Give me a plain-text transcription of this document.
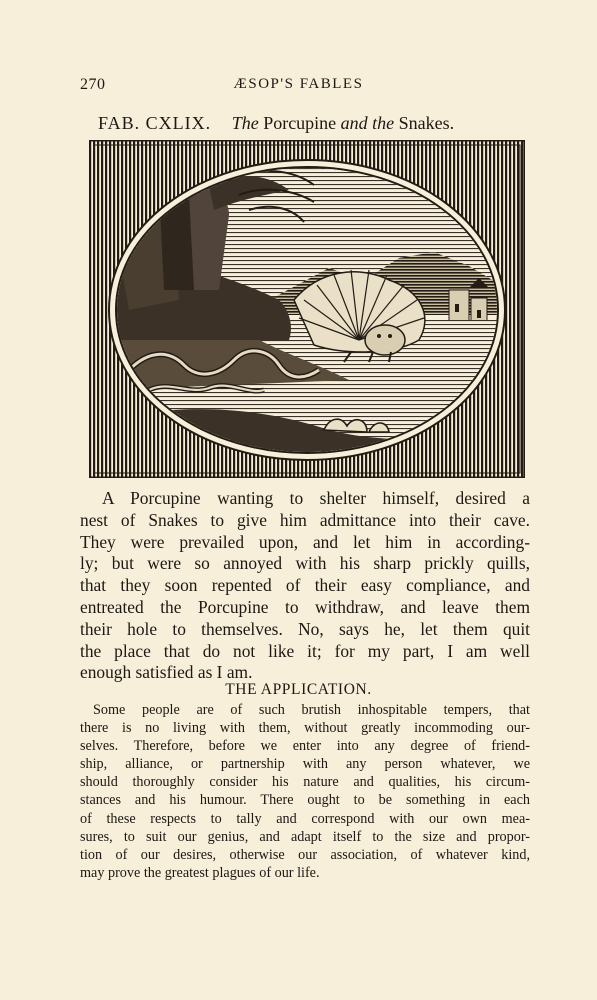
270	ÆSOP'S FABLES
FAB. CXLIX. The Porcupine and the Snakes.
A Porcupine wanting to shelter himself, desired a
nest of Snakes to give him admittance into their cave.
They were prevailed upon, and let him in according-
ly; but were so annoyed with his sharp prickly quills,
that they soon repented of their easy compliance, and
entreated the Porcupine to withdraw, and leave them
their hole to themselves. No, says he, let them quit
the place that do not like it; for my part, I am well
enough satisfied as I am.
THE APPLICATION.
Some people are of such brutish inhospitable tempers, that
there is no living with them, without greatly incommoding our-
selves. Therefore, before we enter into any degree of friend-
ship, alliance, or partnership with any person whatever, we
should thoroughly consider his nature and qualities, his circum-
stances and his humour. There ought to be something in each
of these respects to tally and correspond with our own mea-
sures, to suit our genius, and adapt itself to the size and propor-
tion of our desires, otherwise our association, of whatever kind,
may prove the greatest plagues of our life.
